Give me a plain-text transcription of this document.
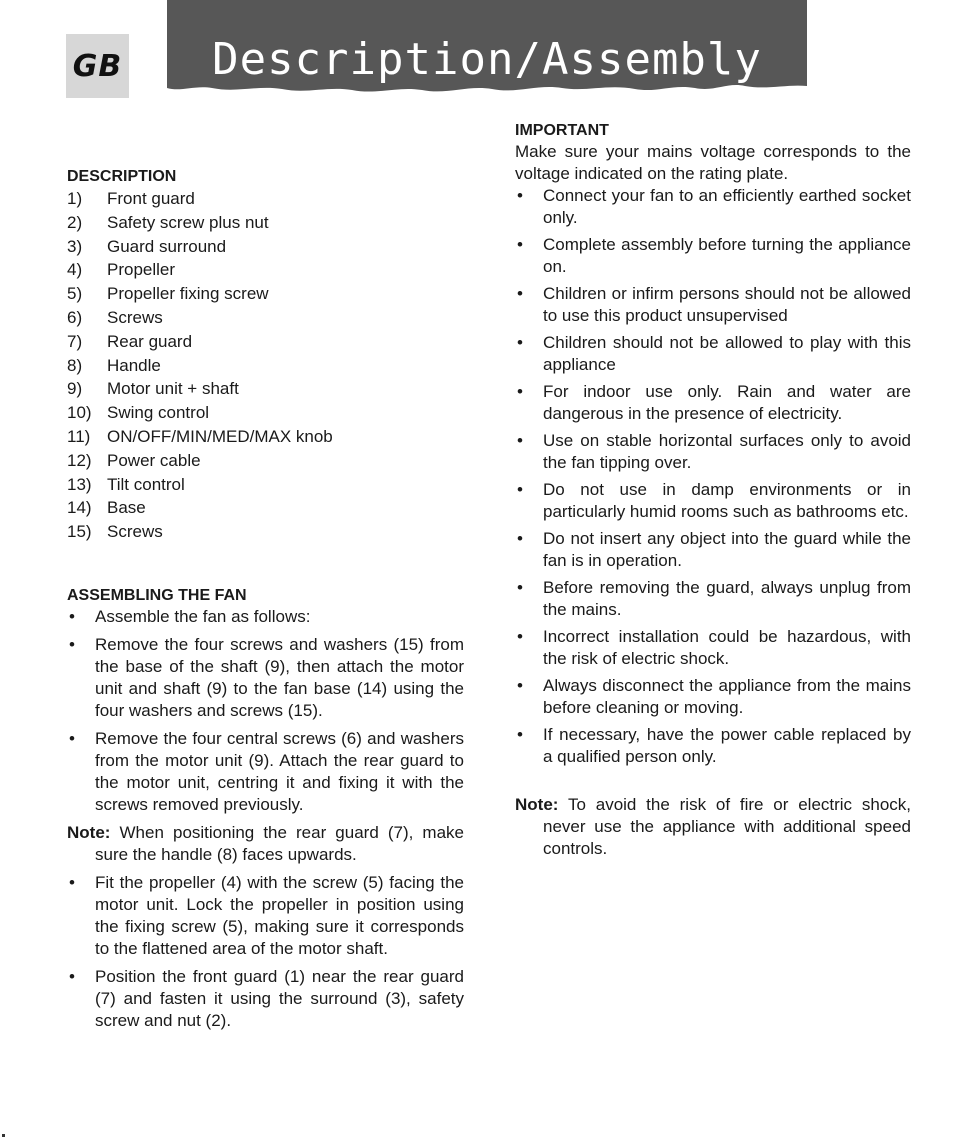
GB	Description/Assembly

DESCRIPTION

1)	Front guard
2)	Safety screw plus nut
3)	Guard surround
4)	Propeller
5)	Propeller fixing screw
6)	Screws
7)	Rear guard
8)	Handle
9)	Motor unit + shaft
10) Swing control
11) ON/OFF/MIN/MED/MAX knob
12) Power cable
13) Tilt control
14) Base
15) Screws

ASSEMBLING THE FAN

• Assemble the fan as follows:
• Remove the four screws and washers (15) from the base of the shaft (9), then attach the motor unit and shaft (9) to the fan base (14) using the four washers and screws (15).
• Remove the four central screws (6) and washers from the motor unit (9). Attach the rear guard to the motor unit, centring it and fixing it with the screws removed previously.

Note: When positioning the rear guard (7), make sure the handle (8) faces upwards.

• Fit the propeller (4) with the screw (5) facing the motor unit. Lock the propeller in position using the fixing screw (5), making sure it corresponds to the flattened area of the motor shaft.
• Position the front guard (1) near the rear guard (7) and fasten it using the surround (3), safety screw and nut (2).

IMPORTANT

Make sure your mains voltage corresponds to the voltage indicated on the rating plate.

• Connect your fan to an efficiently earthed socket only.
• Complete assembly before turning the appliance on.
• Children or infirm persons should not be allowed to use this product unsupervised
• Children should not be allowed to play with this appliance
• For indoor use only. Rain and water are dangerous in the presence of electricity.
• Use on stable horizontal surfaces only to avoid the fan tipping over.
• Do not use in damp environments or in particularly humid rooms such as bathrooms etc.
• Do not insert any object into the guard while the fan is in operation.
• Before removing the guard, always unplug from the mains.
• Incorrect installation could be hazardous, with the risk of electric shock.
• Always disconnect the appliance from the mains before cleaning or moving.
• If necessary, have the power cable replaced by a qualified person only.

Note: To avoid the risk of fire or electric shock, never use the appliance with additional speed controls.
